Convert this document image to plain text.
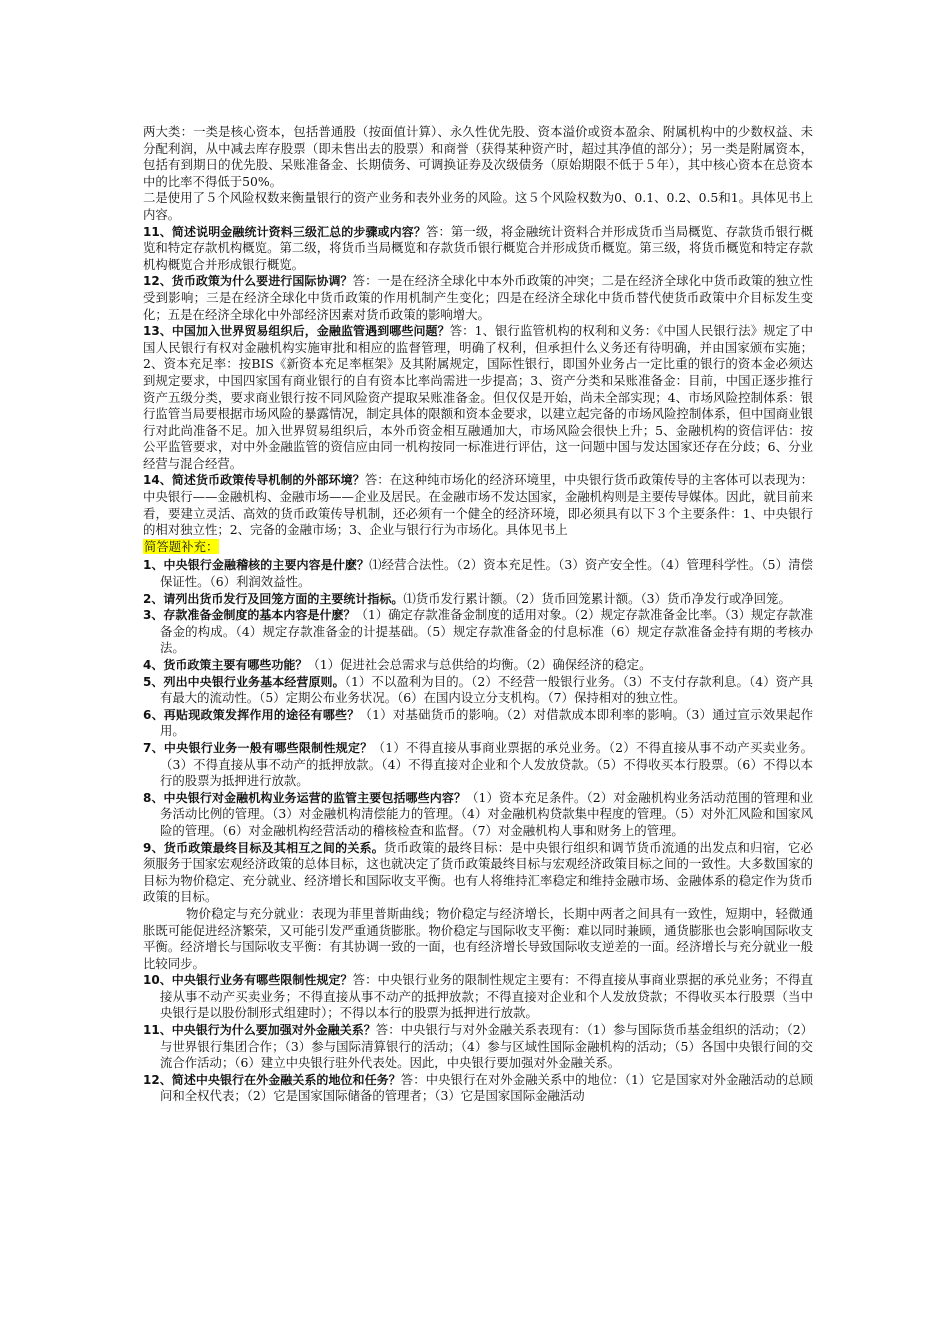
两大类：一类是核心资本，包括普通股（按面值计算）、永久性优先股、资本溢价或资本盈余、附属机构中的少数权益、未分配利润，从中减去库存股票（即未售出去的股票）和商誉（获得某种资产时，超过其净值的部分）；另一类是附属资本，包括有到期日的优先股、呆账准备金、长期债务、可调换证券及次级债务（原始期限不低于５年），其中核心资本在总资本中的比率不得低于50%。

二是使用了５个风险权数来衡量银行的资产业务和表外业务的风险。这５个风险权数为0、0.1、0.2、0.5和1。具体见书上内容。

11、简述说明金融统计资料三级汇总的步骤或内容？答：第一级，将金融统计资料合并形成货币当局概览、存款货币银行概览和特定存款机构概览。第二级，将货币当局概览和存款货币银行概览合并形成货币概览。第三级，将货币概览和特定存款机构概览合并形成银行概览。

12、货币政策为什么要进行国际协调？答：一是在经济全球化中本外币政策的冲突；二是在经济全球化中货币政策的独立性受到影响；三是在经济全球化中货币政策的作用机制产生变化；四是在经济全球化中货币替代使货币政策中介目标发生变化；五是在经济全球化中外部经济因素对货币政策的影响增大。

13、中国加入世界贸易组织后，金融监管遇到哪些问题？答：1、银行监管机构的权利和义务：《中国人民银行法》规定了中国人民银行有权对金融机构实施审批和相应的监督管理，明确了权利，但承担什么义务还有待明确，并由国家颁布实施；2、资本充足率：按BIS《新资本充足率框架》及其附属规定，国际性银行，即国外业务占一定比重的银行的资本金必须达到规定要求，中国四家国有商业银行的自有资本比率尚需进一步提高；3、资产分类和呆账准备金：目前，中国正逐步推行资产五级分类，要求商业银行按不同风险资产提取呆账准备金。但仅仅是开始，尚未全部实现；4、市场风险控制体系：银行监管当局要根据市场风险的暴露情况，制定具体的限额和资本金要求，以建立起完备的市场风险控制体系，但中国商业银行对此尚准备不足。加入世界贸易组织后，本外币资金相互融通加大，市场风险会很快上升；5、金融机构的资信评估：按公平监管要求，对中外金融监管的资信应由同一机构按同一标准进行评估，这一问题中国与发达国家还存在分歧；6、分业经营与混合经营。

14、简述货币政策传导机制的外部环境？答：在这种纯市场化的经济环境里，中央银行货币政策传导的主客体可以表现为：中央银行——金融机构、金融市场——企业及居民。在金融市场不发达国家，金融机构则是主要传导媒体。因此，就目前来看，要建立灵活、高效的货币政策传导机制，还必须有一个健全的经济环境，即必须具有以下３个主要条件：1、中央银行的相对独立性；2、完备的金融市场；3、企业与银行行为市场化。具体见书上

简答题补充：

1、中央银行金融稽核的主要内容是什麽？⑴经营合法性。（2）资本充足性。（3）资产安全性。（4）管理科学性。（5）清偿保证性。（6）利润效益性。

2、请列出货币发行及回笼方面的主要统计指标。⑴货币发行累计额。（2）货币回笼累计额。（3）货币净发行或净回笼。

3、存款准备金制度的基本内容是什麽？（1）确定存款准备金制度的适用对象。（2）规定存款准备金比率。（3）规定存款准备金的构成。（4）规定存款准备金的计提基础。（5）规定存款准备金的付息标准（6）规定存款准备金持有期的考核办法。

4、货币政策主要有哪些功能？（1）促进社会总需求与总供给的均衡。（2）确保经济的稳定。

5、列出中央银行业务基本经营原则。（1）不以盈利为目的。（2）不经营一般银行业务。（3）不支付存款利息。（4）资产具有最大的流动性。（5）定期公布业务状况。（6）在国内设立分支机构。（7）保持相对的独立性。

6、再贴现政策发挥作用的途径有哪些？（1）对基础货币的影响。（2）对借款成本即利率的影响。（3）通过宣示效果起作用。

7、中央银行业务一般有哪些限制性规定？（1）不得直接从事商业票据的承兑业务。（2）不得直接从事不动产买卖业务。（3）不得直接从事不动产的抵押放款。（4）不得直接对企业和个人发放贷款。（5）不得收买本行股票。（6）不得以本行的股票为抵押进行放款。

8、中央银行对金融机构业务运营的监管主要包括哪些内容？（1）资本充足条件。（2）对金融机构业务活动范围的管理和业务活动比例的管理。（3）对金融机构清偿能力的管理。（4）对金融机构贷款集中程度的管理。（5）对外汇风险和国家风险的管理。（6）对金融机构经营活动的稽核检查和监督。（7）对金融机构人事和财务上的管理。

9、货币政策最终目标及其相互之间的关系。货币政策的最终目标：是中央银行组织和调节货币流通的出发点和归宿，它必须服务于国家宏观经济政策的总体目标，这也就决定了货币政策最终目标与宏观经济政策目标之间的一致性。大多数国家的目标为物价稳定、充分就业、经济增长和国际收支平衡。也有人将维持汇率稳定和维持金融市场、金融体系的稳定作为货币政策的目标。

物价稳定与充分就业：表现为菲里普斯曲线；物价稳定与经济增长，长期中两者之间具有一致性，短期中，轻微通胀既可能促进经济繁荣，又可能引发严重通货膨胀。物价稳定与国际收支平衡：难以同时兼顾，通货膨胀也会影响国际收支平衡。经济增长与国际收支平衡：有其协调一致的一面，也有经济增长导致国际收支逆差的一面。经济增长与充分就业一般比较同步。

10、中央银行业务有哪些限制性规定？答：中央银行业务的限制性规定主要有：不得直接从事商业票据的承兑业务；不得直接从事不动产买卖业务；不得直接从事不动产的抵押放款；不得直接对企业和个人发放贷款；不得收买本行股票（当中央银行是以股份制形式组建时）；不得以本行的股票为抵押进行放款。

11、中央银行为什么要加强对外金融关系？答：中央银行与对外金融关系表现有：（1）参与国际货币基金组织的活动；（2）与世界银行集团合作；（3）参与国际清算银行的活动；（4）参与区域性国际金融机构的活动；（5）各国中央银行间的交流合作活动；（6）建立中央银行驻外代表处。因此，中央银行要加强对外金融关系。

12、简述中央银行在外金融关系的地位和任务？答：中央银行在对外金融关系中的地位：（1）它是国家对外金融活动的总顾问和全权代表；（2）它是国家国际储备的管理者；（3）它是国家国际金融活动
